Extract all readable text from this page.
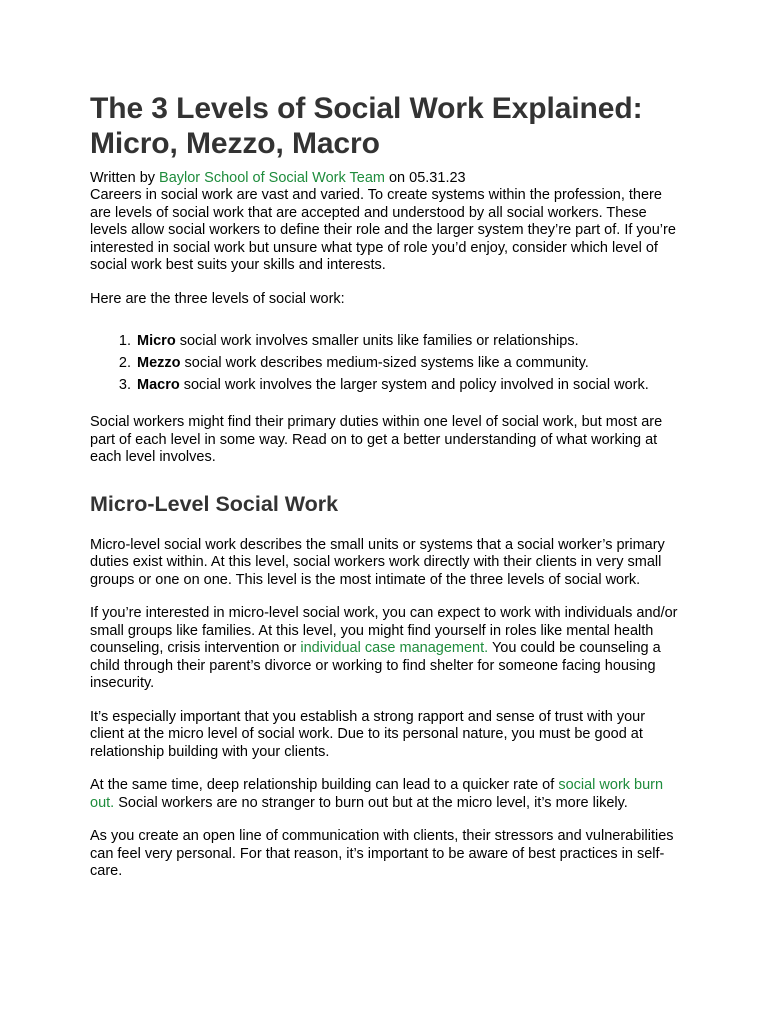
The 3 Levels of Social Work Explained:
Micro, Mezzo, Macro
Written by Baylor School of Social Work Team on 05.31.23

Careers in social work are vast and varied. To create systems within the profession, there are levels of social work that are accepted and understood by all social workers. These levels allow social workers to define their role and the larger system they’re part of. If you’re interested in social work but unsure what type of role you’d enjoy, consider which level of social work best suits your skills and interests.

Here are the three levels of social work:

1. Micro social work involves smaller units like families or relationships.
2. Mezzo social work describes medium-sized systems like a community.
3. Macro social work involves the larger system and policy involved in social work.

Social workers might find their primary duties within one level of social work, but most are part of each level in some way. Read on to get a better understanding of what working at each level involves.

Micro-Level Social Work

Micro-level social work describes the small units or systems that a social worker’s primary duties exist within. At this level, social workers work directly with their clients in very small groups or one on one. This level is the most intimate of the three levels of social work.

If you’re interested in micro-level social work, you can expect to work with individuals and/or small groups like families. At this level, you might find yourself in roles like mental health counseling, crisis intervention or individual case management. You could be counseling a child through their parent’s divorce or working to find shelter for someone facing housing insecurity.

It’s especially important that you establish a strong rapport and sense of trust with your client at the micro level of social work. Due to its personal nature, you must be good at relationship building with your clients.

At the same time, deep relationship building can lead to a quicker rate of social work burn out. Social workers are no stranger to burn out but at the micro level, it’s more likely.

As you create an open line of communication with clients, their stressors and vulnerabilities can feel very personal. For that reason, it’s important to be aware of best practices in self-care.
